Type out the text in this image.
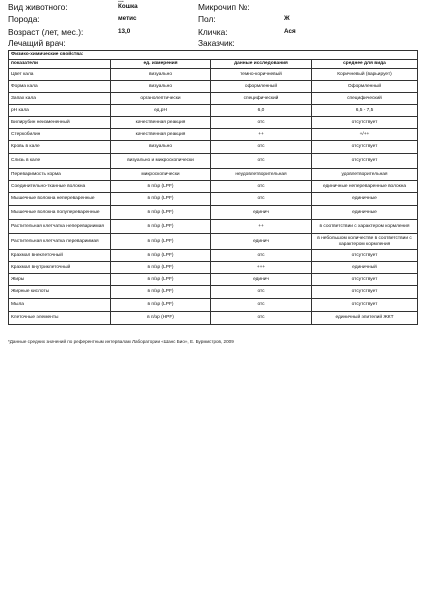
...
Вид животного:	Кошка	Микрочип №:
Порода:	метис	Пол:	Ж
Возраст (лет, мес.):	13,0	Кличка:	Ася
Лечащий врач:	Заказчик:
Физико-химические свойства:			
показатели	ед. измерения	данные исследования	среднее для вида
Цвет кала	визуально	темно-коричневый	Коричневый (варьирует)
Форма кала	визуально	оформленный	Оформленный
Запах кала	органолептически	специфический	специфический
pH кала	ед.pH	6,0	6,5 - 7,5
Билирубин неизмененный	качественная реакция	отс	отсутствует
Стеркобилин	качественная реакция	++	+/++
Кровь в кале	визуально	отс	отсутствует
Слизь в кале	визуально и микроскопически	отс	отсутствует
Переваримость корма	микроскопически	неудовлетворительная	удовлетворительная
Соединительно-тканные волокна	в п/зр (LPF)	отс	единичные непереваренные волокна
Мышечные волокна непереваренные	в п/зр (LPF)	отс	единичные
Мышечные волокна полупереваренные	в п/зр (LPF)	единич	единичные
Растительная клетчатка неперевариимая	в п/зр (LPF)	++	в соответствии с характером кормления
Растительная клетчатка перевариимая	в п/зр (LPF)	единич	в небольшом количестве в соответствии с характером кормления
Крахмал внеклеточный	в п/зр (LPF)	отс	отсутствует
Крахмал внутриклеточный	в п/зр (LPF)	+++	единичный
Жиры	в п/зр (LPF)	единич	отсутствует
Жирные кислоты	в п/зр (LPF)	отс	отсутствует
Мыла	в п/зр (LPF)	отс	отсутствует
Клеточные элементы	в п/зр (HPF)	отс	единичный эпителий ЖКТ
*Данные средних значений по референтным интервалам Лаборатории «Шанс Био», Е. Бурмистров, 2009
